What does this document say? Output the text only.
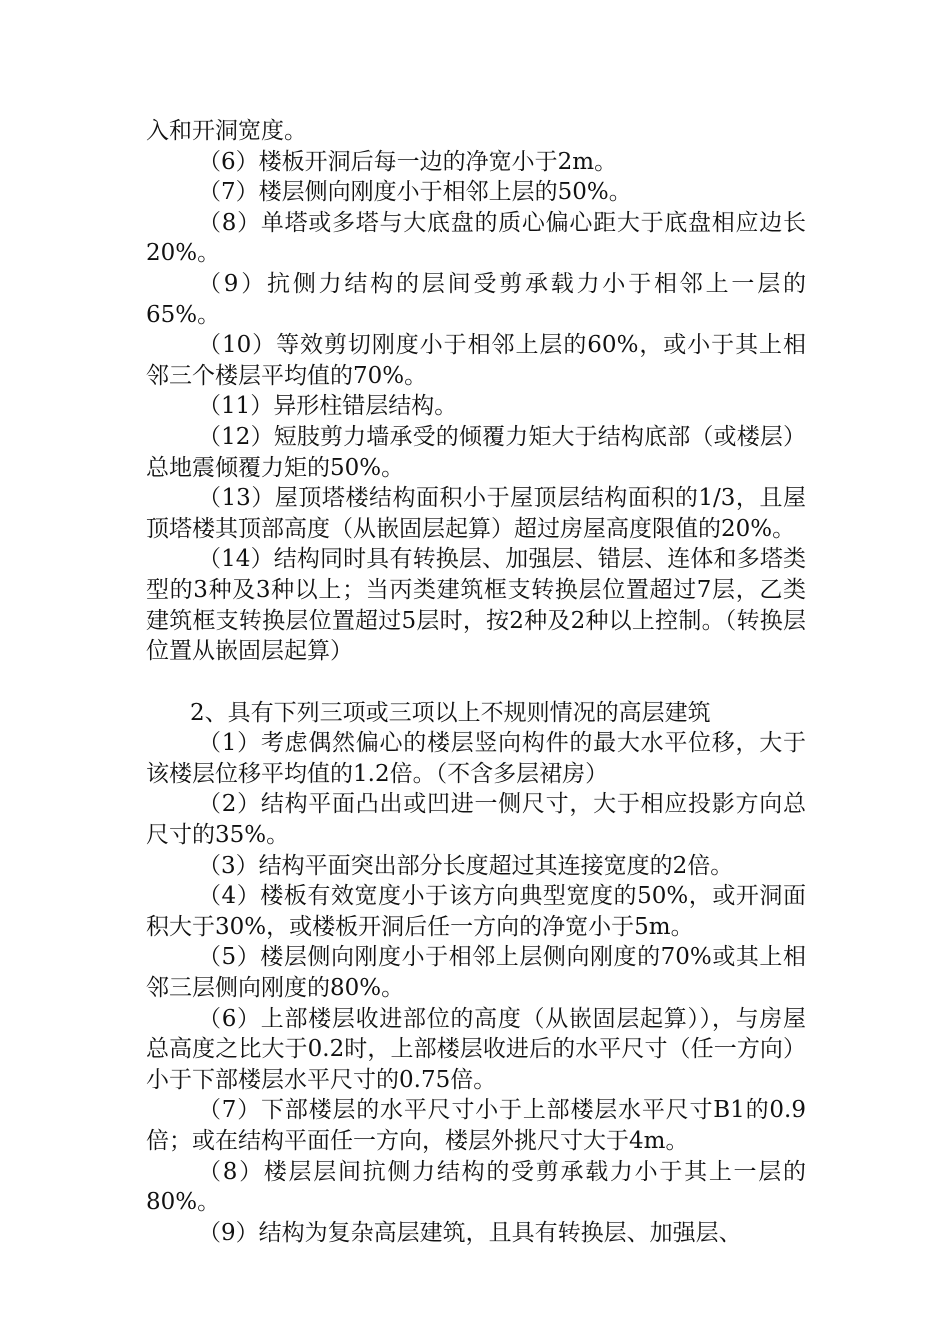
入和开洞宽度。

（6）楼板开洞后每一边的净宽小于2m。

（7）楼层侧向刚度小于相邻上层的50%。

（8）单塔或多塔与大底盘的质心偏心距大于底盘相应边长20%。

（9）抗侧力结构的层间受剪承载力小于相邻上一层的65%。

（10）等效剪切刚度小于相邻上层的60%，或小于其上相邻三个楼层平均值的70%。

（11）异形柱错层结构。

（12）短肢剪力墙承受的倾覆力矩大于结构底部（或楼层）总地震倾覆力矩的50%。

（13）屋顶塔楼结构面积小于屋顶层结构面积的1/3，且屋顶塔楼其顶部高度（从嵌固层起算）超过房屋高度限值的20%。

（14）结构同时具有转换层、加强层、错层、连体和多塔类型的3种及3种以上；当丙类建筑框支转换层位置超过7层，乙类建筑框支转换层位置超过5层时，按2种及2种以上控制。（转换层位置从嵌固层起算）

2、具有下列三项或三项以上不规则情况的高层建筑

（1）考虑偶然偏心的楼层竖向构件的最大水平位移，大于该楼层位移平均值的1.2倍。（不含多层裙房）

（2）结构平面凸出或凹进一侧尺寸，大于相应投影方向总尺寸的35%。

（3）结构平面突出部分长度超过其连接宽度的2倍。

（4）楼板有效宽度小于该方向典型宽度的50%，或开洞面积大于30%，或楼板开洞后任一方向的净宽小于5m。

（5）楼层侧向刚度小于相邻上层侧向刚度的70%或其上相邻三层侧向刚度的80%。

（6）上部楼层收进部位的高度（从嵌固层起算）），与房屋总高度之比大于0.2时，上部楼层收进后的水平尺寸（任一方向）小于下部楼层水平尺寸的0.75倍。

（7）下部楼层的水平尺寸小于上部楼层水平尺寸B1的0.9倍；或在结构平面任一方向，楼层外挑尺寸大于4m。

（8）楼层层间抗侧力结构的受剪承载力小于其上一层的80%。

（9）结构为复杂高层建筑，且具有转换层、加强层、
